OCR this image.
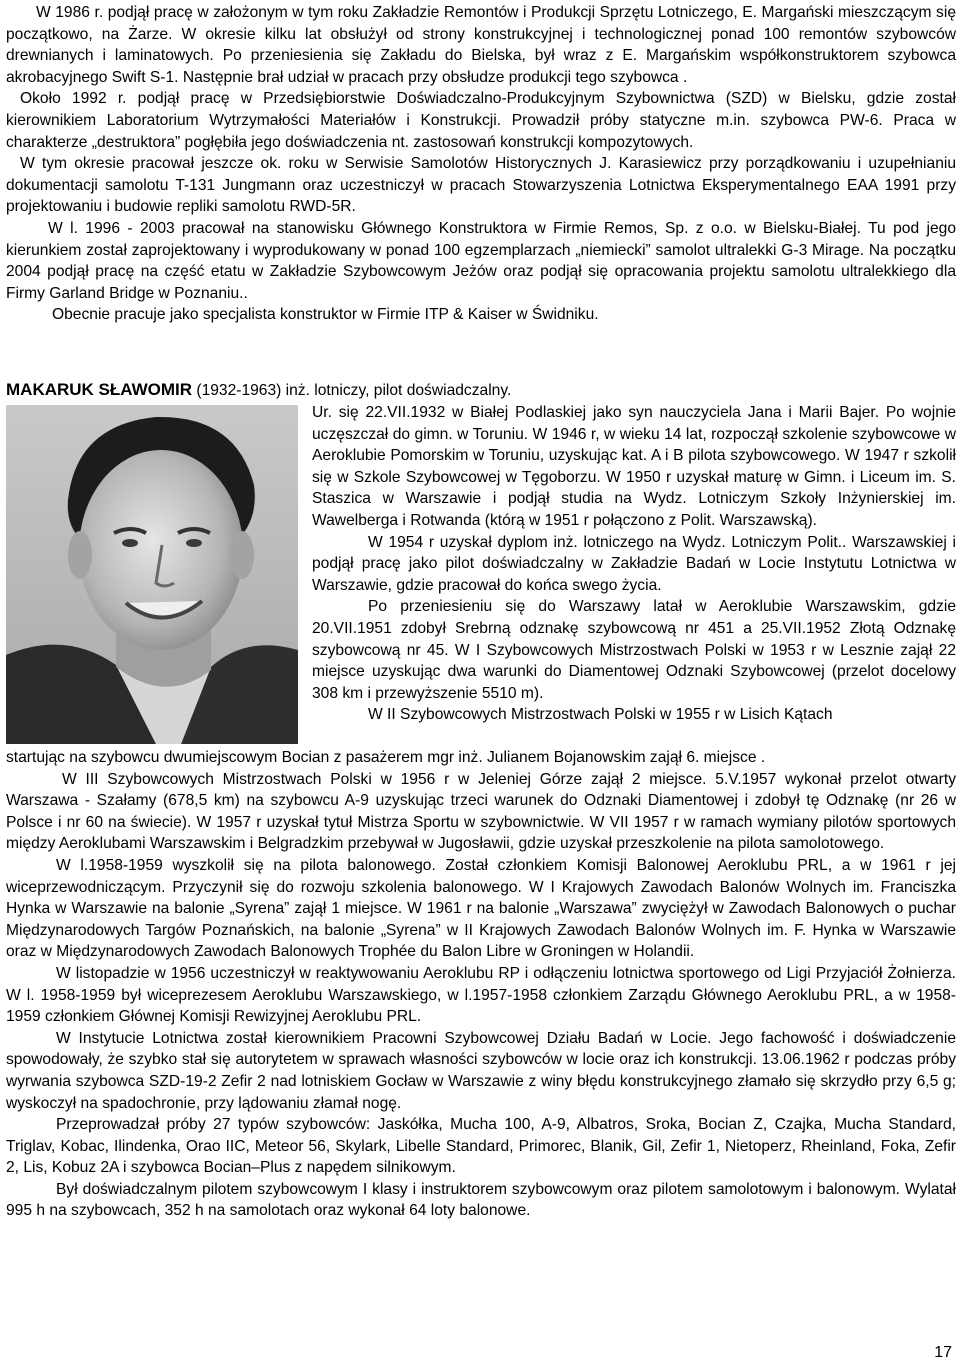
W 1986 r. podjął pracę w założonym w tym roku Zakładzie Remontów i Produkcji Sprzętu Lotniczego, E. Margański mieszczącym się początkowo, na Żarze. W okresie kilku lat obsłużył od strony konstrukcyjnej i technologicznej ponad 100 remontów szybowców drewnianych i laminatowych. Po przeniesienia się Zakładu do Bielska, był wraz z E. Margańskim współkonstruktorem szybowca akrobacyjnego Swift S-1. Następnie brał udział w pracach przy obsłudze produkcji tego szybowca .

Około 1992 r. podjął pracę w Przedsiębiorstwie Doświadczalno-Produkcyjnym Szybownictwa (SZD) w Bielsku, gdzie został kierownikiem Laboratorium Wytrzymałości Materiałów i Konstrukcji. Prowadził próby statyczne m.in. szybowca PW-6. Praca w charakterze „destruktora” pogłębiła jego doświadczenia nt. zastosowań konstrukcji kompozytowych.

W tym okresie pracował jeszcze ok. roku w Serwisie Samolotów Historycznych J. Karasiewicz przy porządkowaniu i uzupełnianiu dokumentacji samolotu T-131 Jungmann oraz uczestniczył w pracach Stowarzyszenia Lotnictwa Eksperymentalnego EAA 1991 przy projektowaniu i budowie repliki samolotu RWD-5R.

W l. 1996 - 2003 pracował na stanowisku Głównego Konstruktora w Firmie Remos, Sp. z o.o. w Bielsku-Białej. Tu pod jego kierunkiem został zaprojektowany i wyprodukowany w ponad 100 egzemplarzach „niemiecki” samolot ultralekki G-3 Mirage. Na początku 2004 podjął pracę na część etatu w Zakładzie Szybowcowym Jeżów oraz podjął się opracowania projektu samolotu ultralekkiego dla Firmy Garland Bridge w Poznaniu..

Obecnie pracuje jako specjalista konstruktor w Firmie ITP & Kaiser w Świdniku.

MAKARUK SŁAWOMIR (1932-1963) inż. lotniczy, pilot doświadczalny.

Ur. się 22.VII.1932 w Białej Podlaskiej jako syn nauczyciela Jana i Marii Bajer. Po wojnie uczęszczał do gimn. w Toruniu. W 1946 r, w wieku 14 lat, rozpoczął szkolenie szybowcowe w Aeroklubie Pomorskim w Toruniu, uzyskując kat. A i B pilota szybowcowego. W 1947 r szkolił się w Szkole Szybowcowej w Tęgoborzu. W 1950 r uzyskał maturę w Gimn. i Liceum im. S. Staszica w Warszawie i podjął studia na Wydz. Lotniczym Szkoły Inżynierskiej im. Wawelberga i Rotwanda (którą w 1951 r połączono z Polit. Warszawską).

W 1954 r uzyskał dyplom inż. lotniczego na Wydz. Lotniczym Polit.. Warszawskiej i podjął pracę jako pilot doświadczalny w Zakładzie Badań w Locie Instytutu Lotnictwa w Warszawie, gdzie pracował do końca swego życia.

Po przeniesieniu się do Warszawy latał w Aeroklubie Warszawskim, gdzie 20.VII.1951 zdobył Srebrną odznakę szybowcową nr 451 a 25.VII.1952 Złotą Odznakę szybowcową nr 45. W I Szybowcowych Mistrzostwach Polski w 1953 r w Lesznie zajął 22 miejsce uzyskując dwa warunki do Diamentowej Odznaki Szybowcowej (przelot docelowy 308 km i przewyższenie 5510 m).

W II Szybowcowych Mistrzostwach Polski w 1955 r w Lisich Kątach

startując na szybowcu dwumiejscowym Bocian z pasażerem mgr inż. Julianem Bojanowskim zajął 6. miejsce .

W III Szybowcowych Mistrzostwach Polski w 1956 r w Jeleniej Górze zajął 2 miejsce. 5.V.1957 wykonał przelot otwarty Warszawa - Szałamy (678,5 km) na szybowcu A-9 uzyskując trzeci warunek do Odznaki Diamentowej i zdobył tę Odznakę (nr 26 w Polsce i nr 60 na świecie). W 1957 r uzyskał tytuł Mistrza Sportu w szybownictwie. W VII 1957 r w ramach wymiany pilotów sportowych między Aeroklubami Warszawskim i Belgradzkim przebywał w Jugosławii, gdzie uzyskał przeszkolenie na pilota samolotowego.

W l.1958-1959 wyszkolił się na pilota balonowego. Został członkiem Komisji Balonowej Aeroklubu PRL, a w 1961 r jej wiceprzewodniczącym. Przyczynił się do rozwoju szkolenia balonowego. W I Krajowych Zawodach Balonów Wolnych im. Franciszka Hynka w Warszawie na balonie „Syrena” zajął 1 miejsce. W 1961 r na balonie „Warszawa” zwyciężył w Zawodach Balonowych o puchar Międzynarodowych Targów Poznańskich, na balonie „Syrena” w II Krajowych Zawodach Balonów Wolnych im. F. Hynka w Warszawie oraz w Międzynarodowych Zawodach Balonowych Trophée du Balon Libre w Groningen w Holandii.

W listopadzie w 1956 uczestniczył w reaktywowaniu Aeroklubu RP i odłączeniu lotnictwa sportowego od Ligi Przyjaciół Żołnierza. W l. 1958-1959 był wiceprezesem Aeroklubu Warszawskiego, w l.1957-1958 członkiem Zarządu Głównego Aeroklubu PRL, a w 1958-1959 członkiem Głównej Komisji Rewizyjnej Aeroklubu PRL.

W Instytucie Lotnictwa został kierownikiem Pracowni Szybowcowej Działu Badań w Locie. Jego fachowość i doświadczenie spowodowały, że szybko stał się autorytetem w sprawach własności szybowców w locie oraz ich konstrukcji. 13.06.1962 r podczas próby wyrwania szybowca SZD-19-2 Zefir 2 nad lotniskiem Gocław w Warszawie z winy błędu konstrukcyjnego złamało się skrzydło przy 6,5 g; wyskoczył na spadochronie, przy lądowaniu złamał nogę.

Przeprowadzał próby 27 typów szybowców: Jaskółka, Mucha 100, A-9, Albatros, Sroka, Bocian Z, Czajka, Mucha Standard, Triglav, Kobac, Ilindenka, Orao IIC, Meteor 56, Skylark, Libelle Standard, Primorec, Blanik, Gil, Zefir 1, Nietoperz, Rheinland, Foka, Zefir 2, Lis, Kobuz 2A i szybowca Bocian–Plus z napędem silnikowym.

Był doświadczalnym pilotem szybowcowym I klasy i instruktorem szybowcowym oraz pilotem samolotowym i balonowym. Wylatał 995 h na szybowcach, 352 h na samolotach oraz wykonał 64 loty balonowe.

17
